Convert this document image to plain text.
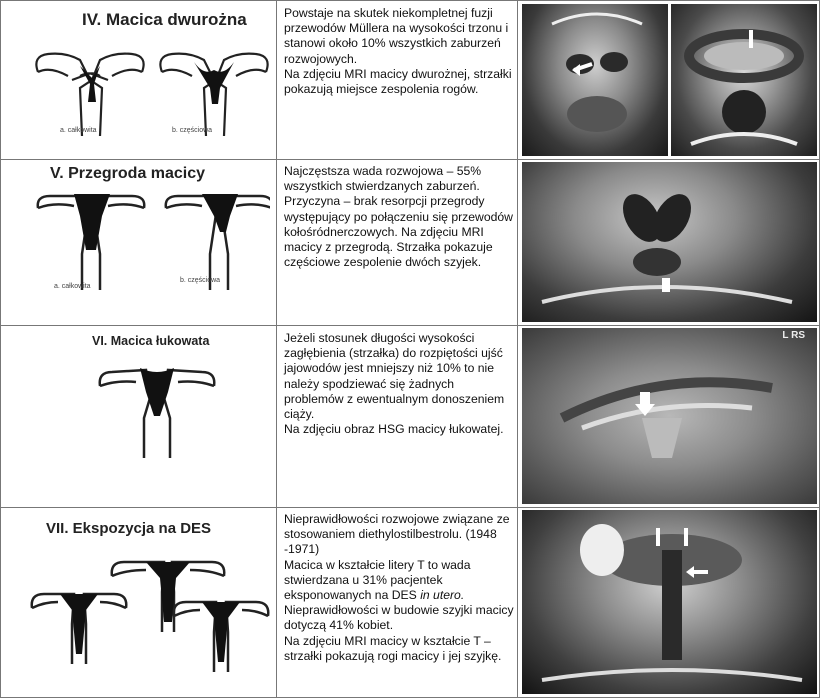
IV. Macica dwurożna
a. całkowita	b. częściowa

Powstaje na skutek niekompletnej fuzji przewodów Müllera na wysokości trzonu i stanowi około 10% wszystkich zaburzeń rozwojowych.

Na zdjęciu MRI macicy dwurożnej, strzałki pokazują miejsce zespolenia rogów.

V. Przegroda macicy
a. całkowita
b. częściowa

Najczęstsza wada rozwojowa – 55% wszystkich stwierdzanych zaburzeń.

Przyczyna – brak resorpcji przegrody występujący po połączeniu się przewodów kołośródnerczowych. Na zdjęciu MRI macicy z przegrodą. Strzałka pokazuje częściowe zespolenie dwóch szyjek.

VI. Macica łukowata	Jeżeli stosunek długości wysokości zagłębienia (strzałka) do rozpiętości ujść jajowodów jest mniejszy niż 10% to nie należy spodziewać się żadnych problemów z ewentualnym donoszeniem ciąży.

Na zdjęciu obraz HSG macicy łukowatej.

L RS
VII. Ekspozycja na DES

Nieprawidłowości rozwojowe związane ze stosowaniem diethylostilbestrolu. (1948 -1971)

Macica w kształcie litery T to wada stwierdzana u 31% pacjentek eksponowanych na DES in utero.

Nieprawidłowości w budowie szyjki macicy dotyczą 41% kobiet.

Na zdjęciu MRI macicy w kształcie T – strzałki pokazują rogi macicy i jej szyjkę.
